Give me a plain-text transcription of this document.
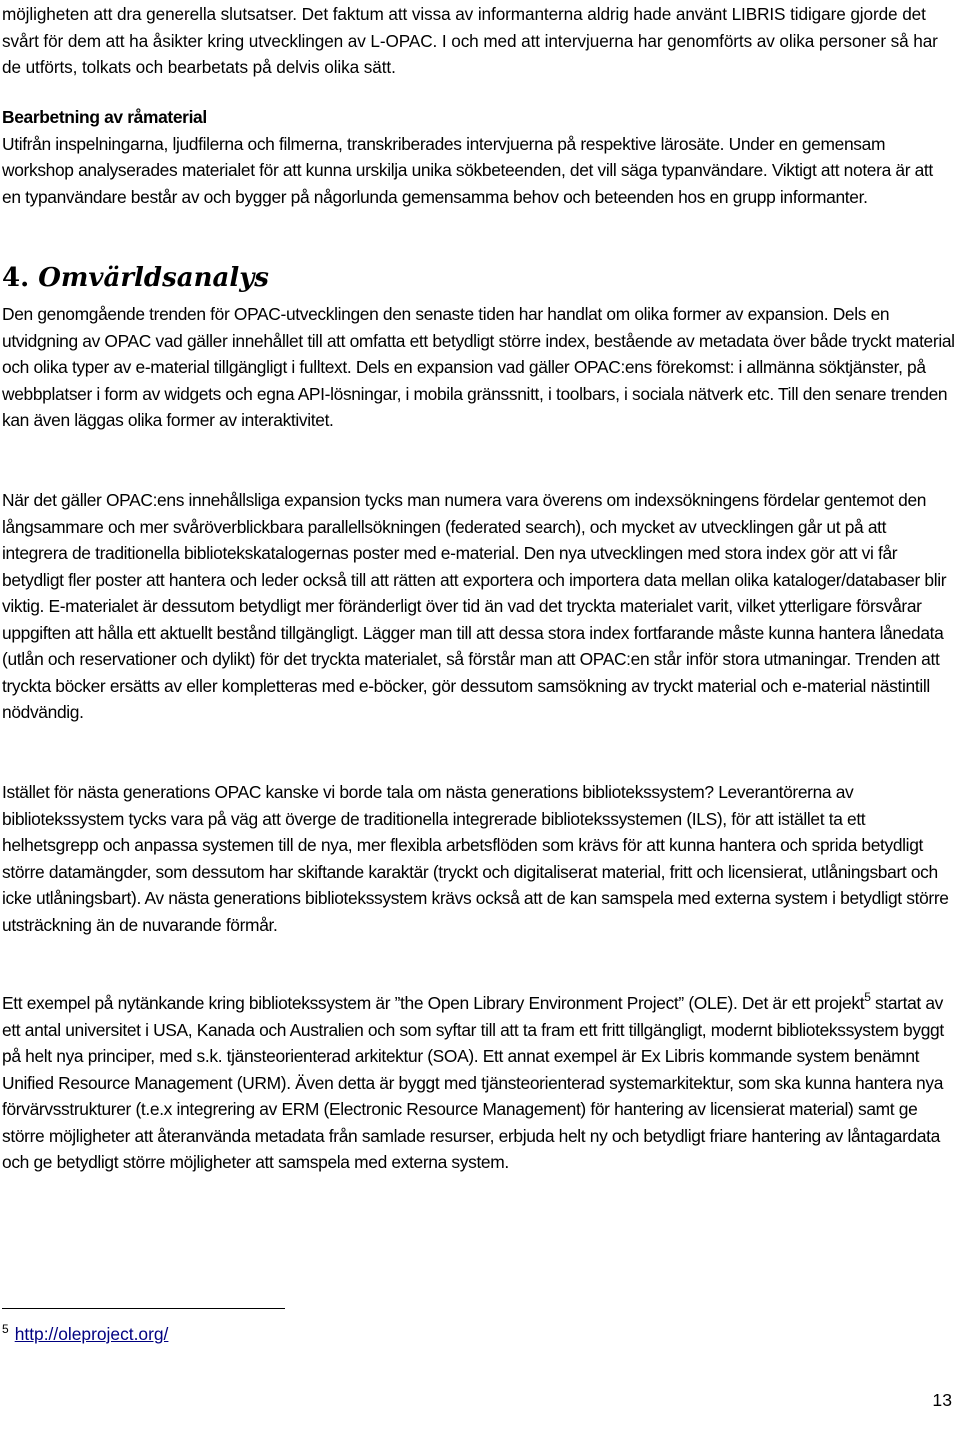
möjligheten att dra generella slutsatser. Det faktum att vissa av informanterna aldrig hade använt LIBRIS tidigare gjorde det svårt för dem att ha åsikter kring utvecklingen av L-OPAC. I och med att intervjuerna har genomförts av olika personer så har de utförts, tolkats och bearbetats på delvis olika sätt.

Bearbetning av råmaterial
Utifrån inspelningarna, ljudfilerna och filmerna, transkriberades intervjuerna på respektive lärosäte. Under en gemensam workshop analyserades materialet för att kunna urskilja unika sökbeteenden, det vill säga typanvändare. Viktigt att notera är att en typanvändare består av och bygger på någorlunda gemensamma behov och beteenden hos en grupp informanter.
4. Omvärldsanalys

Den genomgående trenden för OPAC-utvecklingen den senaste tiden har handlat om olika former av expansion. Dels en utvidgning av OPAC vad gäller innehållet till att omfatta ett betydligt större index, bestående av metadata över både tryckt material och olika typer av e-material tillgängligt i fulltext. Dels en expansion vad gäller OPAC:ens förekomst: i allmänna söktjänster, på webbplatser i form av widgets och egna API-lösningar, i mobila gränssnitt, i toolbars, i sociala nätverk etc. Till den senare trenden kan även läggas olika former av interaktivitet.

När det gäller OPAC:ens innehållsliga expansion tycks man numera vara överens om indexsökningens fördelar gentemot den långsammare och mer svåröverblickbara parallellsökningen (federated search), och mycket av utvecklingen går ut på att integrera de traditionella bibliotekskatalogernas poster med e-material. Den nya utvecklingen med stora index gör att vi får betydligt fler poster att hantera och leder också till att rätten att exportera och importera data mellan olika kataloger/databaser blir viktig. E-materialet är dessutom betydligt mer föränderligt över tid än vad det tryckta materialet varit, vilket ytterligare försvårar uppgiften att hålla ett aktuellt bestånd tillgängligt. Lägger man till att dessa stora index fortfarande måste kunna hantera lånedata (utlån och reservationer och dylikt) för det tryckta materialet, så förstår man att OPAC:en står inför stora utmaningar. Trenden att tryckta böcker ersätts av eller kompletteras med e-böcker, gör dessutom samsökning av tryckt material och e-material nästintill nödvändig.

Istället för nästa generations OPAC kanske vi borde tala om nästa generations bibliotekssystem? Leverantörerna av bibliotekssystem tycks vara på väg att överge de traditionella integrerade bibliotekssystemen (ILS), för att istället ta ett helhetsgrepp och anpassa systemen till de nya, mer flexibla arbetsflöden som krävs för att kunna hantera och sprida betydligt större datamängder, som dessutom har skiftande karaktär (tryckt och digitaliserat material, fritt och licensierat, utlåningsbart och icke utlåningsbart). Av nästa generations bibliotekssystem krävs också att de kan samspela med externa system i betydligt större utsträckning än de nuvarande förmår.

Ett exempel på nytänkande kring bibliotekssystem är ”the Open Library Environment Project” (OLE). Det är ett projekt$^5$ startat av ett antal universitet i USA, Kanada och Australien och som syftar till att ta fram ett fritt tillgängligt, modernt bibliotekssystem byggt på helt nya principer, med s.k. tjänsteorienterad arkitektur (SOA). Ett annat exempel är Ex Libris kommande system benämnt Unified Resource Management (URM). Även detta är byggt med tjänsteorienterad systemarkitektur, som ska kunna hantera nya förvärvsstrukturer (t.e.x integrering av ERM (Electronic Resource Management) för hantering av licensierat material) samt ge större möjligheter att återanvända metadata från samlade resurser, erbjuda helt ny och betydligt friare hantering av låntagardata och ge betydligt större möjligheter att samspela med externa system.

$^5$ http://oleproject.org/
13
